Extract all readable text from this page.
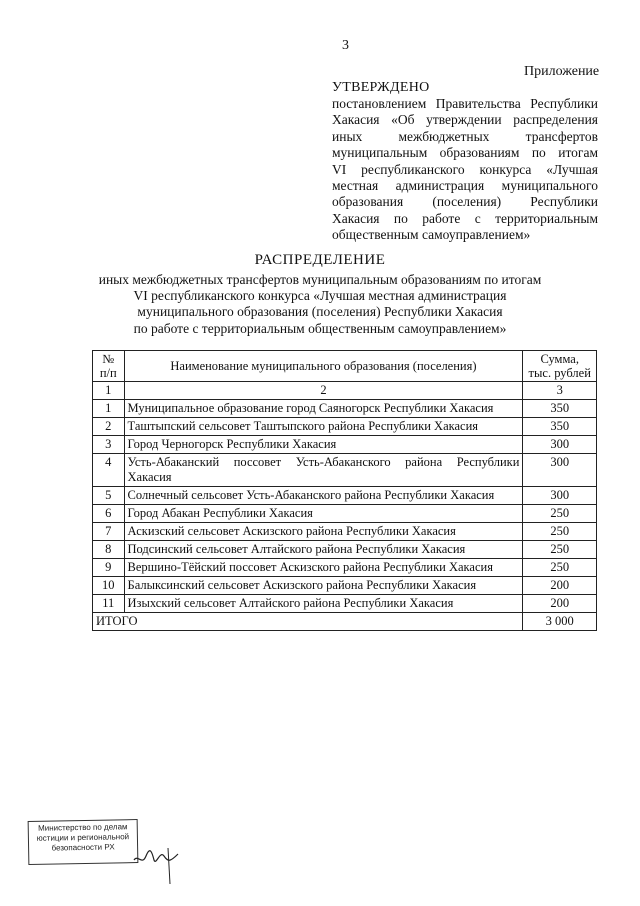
3
Приложение
УТВЕРЖДЕНО
постановлением Правительства Республики
Хакасия «Об утверждении распределения
иных межбюджетных трансфертов
муниципальным образованиям по итогам
VI республиканского конкурса «Лучшая
местная администрация муниципального
образования (поселения) Республики
Хакасия по работе с территориальным
общественным самоуправлением»
РАСПРЕДЕЛЕНИЕ
иных межбюджетных трансфертов муниципальным образованиям по итогам
VI республиканского конкурса «Лучшая местная администрация
муниципального образования (поселения) Республики Хакасия
по работе с территориальным общественным самоуправлением»
№
п/п	Наименование муниципального образования (поселения)	Сумма,
тыс. рублей
1	2	3
1	Муниципальное образование город Саяногорск Республики Хакасия	350
2	Таштыпский сельсовет Таштыпского района Республики Хакасия	350
3	Город Черногорск Республики Хакасия	300
4	Усть-Абаканский поссовет Усть-Абаканского района Республики Хакасия	300
5	Солнечный сельсовет Усть-Абаканского района Республики Хакасия	300
6	Город Абакан Республики Хакасия	250
7	Аскизский сельсовет Аскизского района Республики Хакасия	250
8	Подсинский сельсовет Алтайского района Республики Хакасия	250
9	Вершино-Тёйский поссовет Аскизского района Республики Хакасия	250
10	Балыксинский сельсовет Аскизского района Республики Хакасия	200
11	Изыхский сельсовет Алтайского района Республики Хакасия	200
ИТОГО		3 000
Министерство по делам
юстиции и региональной
безопасности РХ
